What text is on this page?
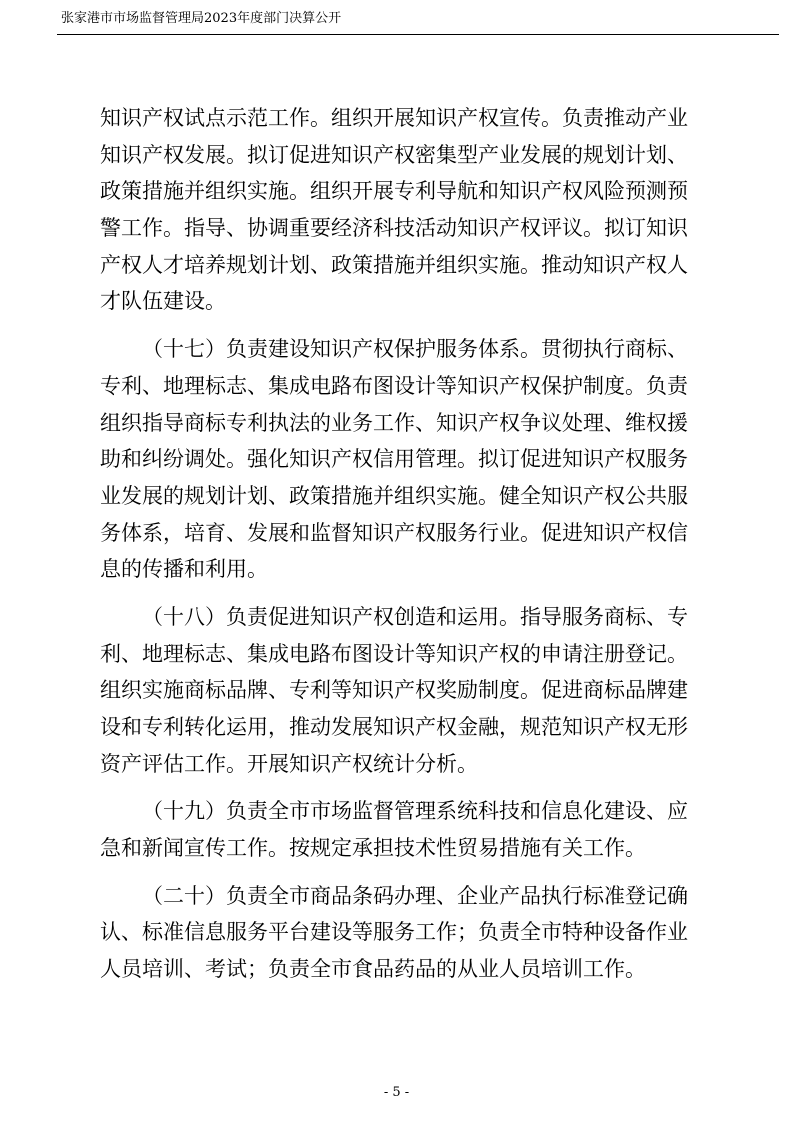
张家港市市场监督管理局2023年度部门决算公开
知识产权试点示范工作。组织开展知识产权宣传。负责推动产业
知识产权发展。拟订促进知识产权密集型产业发展的规划计划、
政策措施并组织实施。组织开展专利导航和知识产权风险预测预
警工作。指导、协调重要经济科技活动知识产权评议。拟订知识
产权人才培养规划计划、政策措施并组织实施。推动知识产权人
才队伍建设。
（十七）负责建设知识产权保护服务体系。贯彻执行商标、
专利、地理标志、集成电路布图设计等知识产权保护制度。负责
组织指导商标专利执法的业务工作、知识产权争议处理、维权援
助和纠纷调处。强化知识产权信用管理。拟订促进知识产权服务
业发展的规划计划、政策措施并组织实施。健全知识产权公共服
务体系，培育、发展和监督知识产权服务行业。促进知识产权信
息的传播和利用。
（十八）负责促进知识产权创造和运用。指导服务商标、专
利、地理标志、集成电路布图设计等知识产权的申请注册登记。
组织实施商标品牌、专利等知识产权奖励制度。促进商标品牌建
设和专利转化运用，推动发展知识产权金融，规范知识产权无形
资产评估工作。开展知识产权统计分析。
（十九）负责全市市场监督管理系统科技和信息化建设、应
急和新闻宣传工作。按规定承担技术性贸易措施有关工作。
（二十）负责全市商品条码办理、企业产品执行标准登记确
认、标准信息服务平台建设等服务工作；负责全市特种设备作业
人员培训、考试；负责全市食品药品的从业人员培训工作。
- 5 -
